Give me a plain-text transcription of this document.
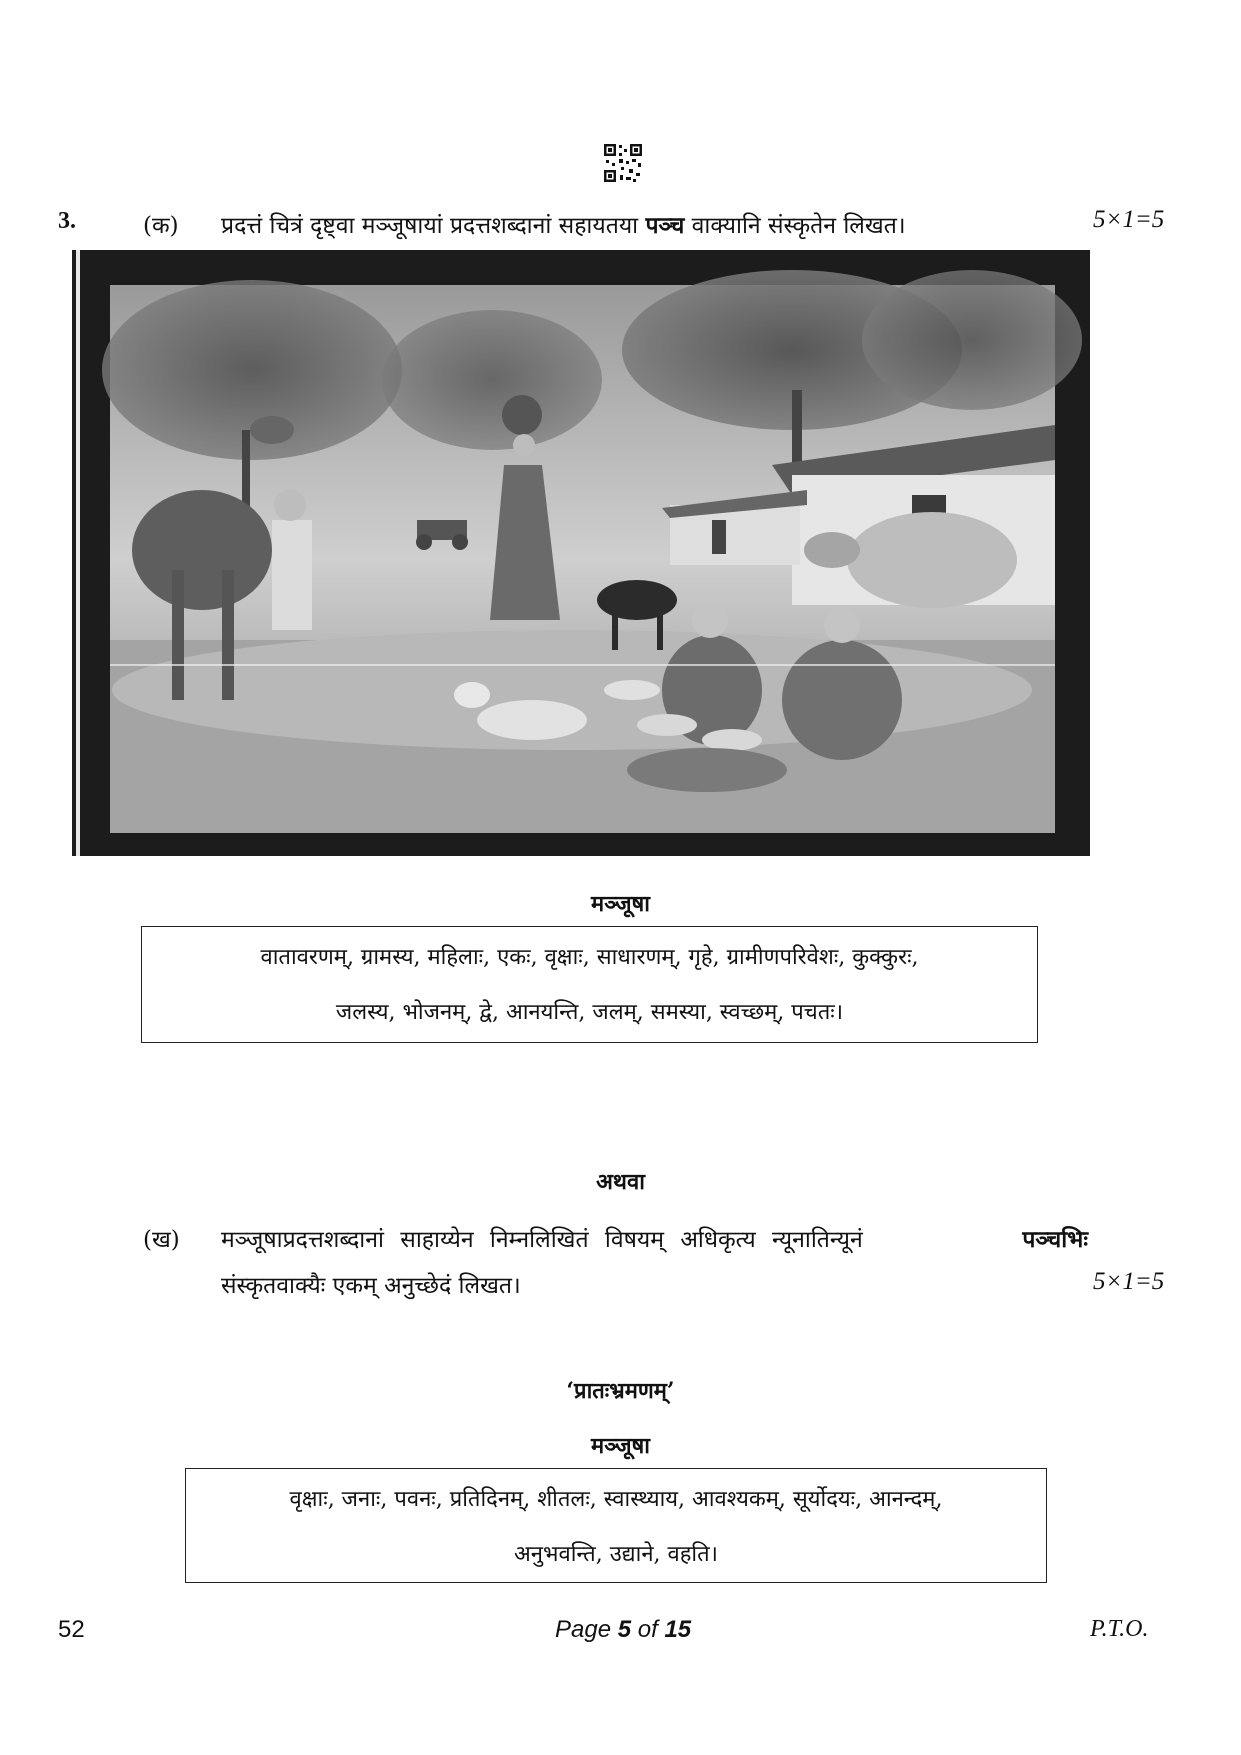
3.	(क) प्रदत्तं चित्रं दृष्ट्वा मञ्जूषायां प्रदत्तशब्दानां सहायतया पञ्च वाक्यानि संस्कृतेन लिखत।	5×1=5
मञ्जूषा
वातावरणम्, ग्रामस्य, महिलाः, एकः, वृक्षाः, साधारणम्, गृहे, ग्रामीणपरिवेशः, कुक्कुरः,
जलस्य, भोजनम्, द्वे, आनयन्ति, जलम्, समस्या, स्वच्छम्, पचतः।
अथवा
(ख) मञ्जूषाप्रदत्तशब्दानां साहाय्येन निम्नलिखितं विषयम् अधिकृत्य न्यूनातिन्यूनं	पञ्चभिः
संस्कृतवाक्यैः एकम् अनुच्छेदं लिखत।	5×1=5
‘प्रातःभ्रमणम्’
मञ्जूषा
वृक्षाः, जनाः, पवनः, प्रतिदिनम्, शीतलः, स्वास्थ्याय, आवश्यकम्, सूर्योदयः, आनन्दम्,
अनुभवन्ति, उद्याने, वहति।
52	Page 5 of 15	P.T.O.
